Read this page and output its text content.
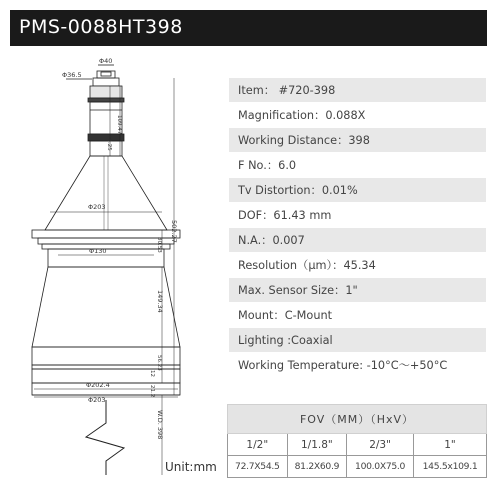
PMS-0088HT398
Φ40
Φ36.5
18.25
109.47
Φ203
502.27
30.53
Φ130
149.34
56.23
12
Φ202.4
Φ203
21.2
W.D. 398
Item： #720-398
Magnification：0.088X
Working Distance：398
F No.：6.0
Tv Distortion：0.01%
DOF：61.43 mm
N.A.：0.007
Resolution（μm）：45.34
Max. Sensor Size：1"
Mount：C-Mount
Lighting :Coaxial
Working Temperature: -10°C～+50°C
FOV（MM）（HxV）			
1/2"	1/1.8"	2/3"	1"
72.7X54.5	81.2X60.9	100.0X75.0	145.5x109.1
Unit:mm
